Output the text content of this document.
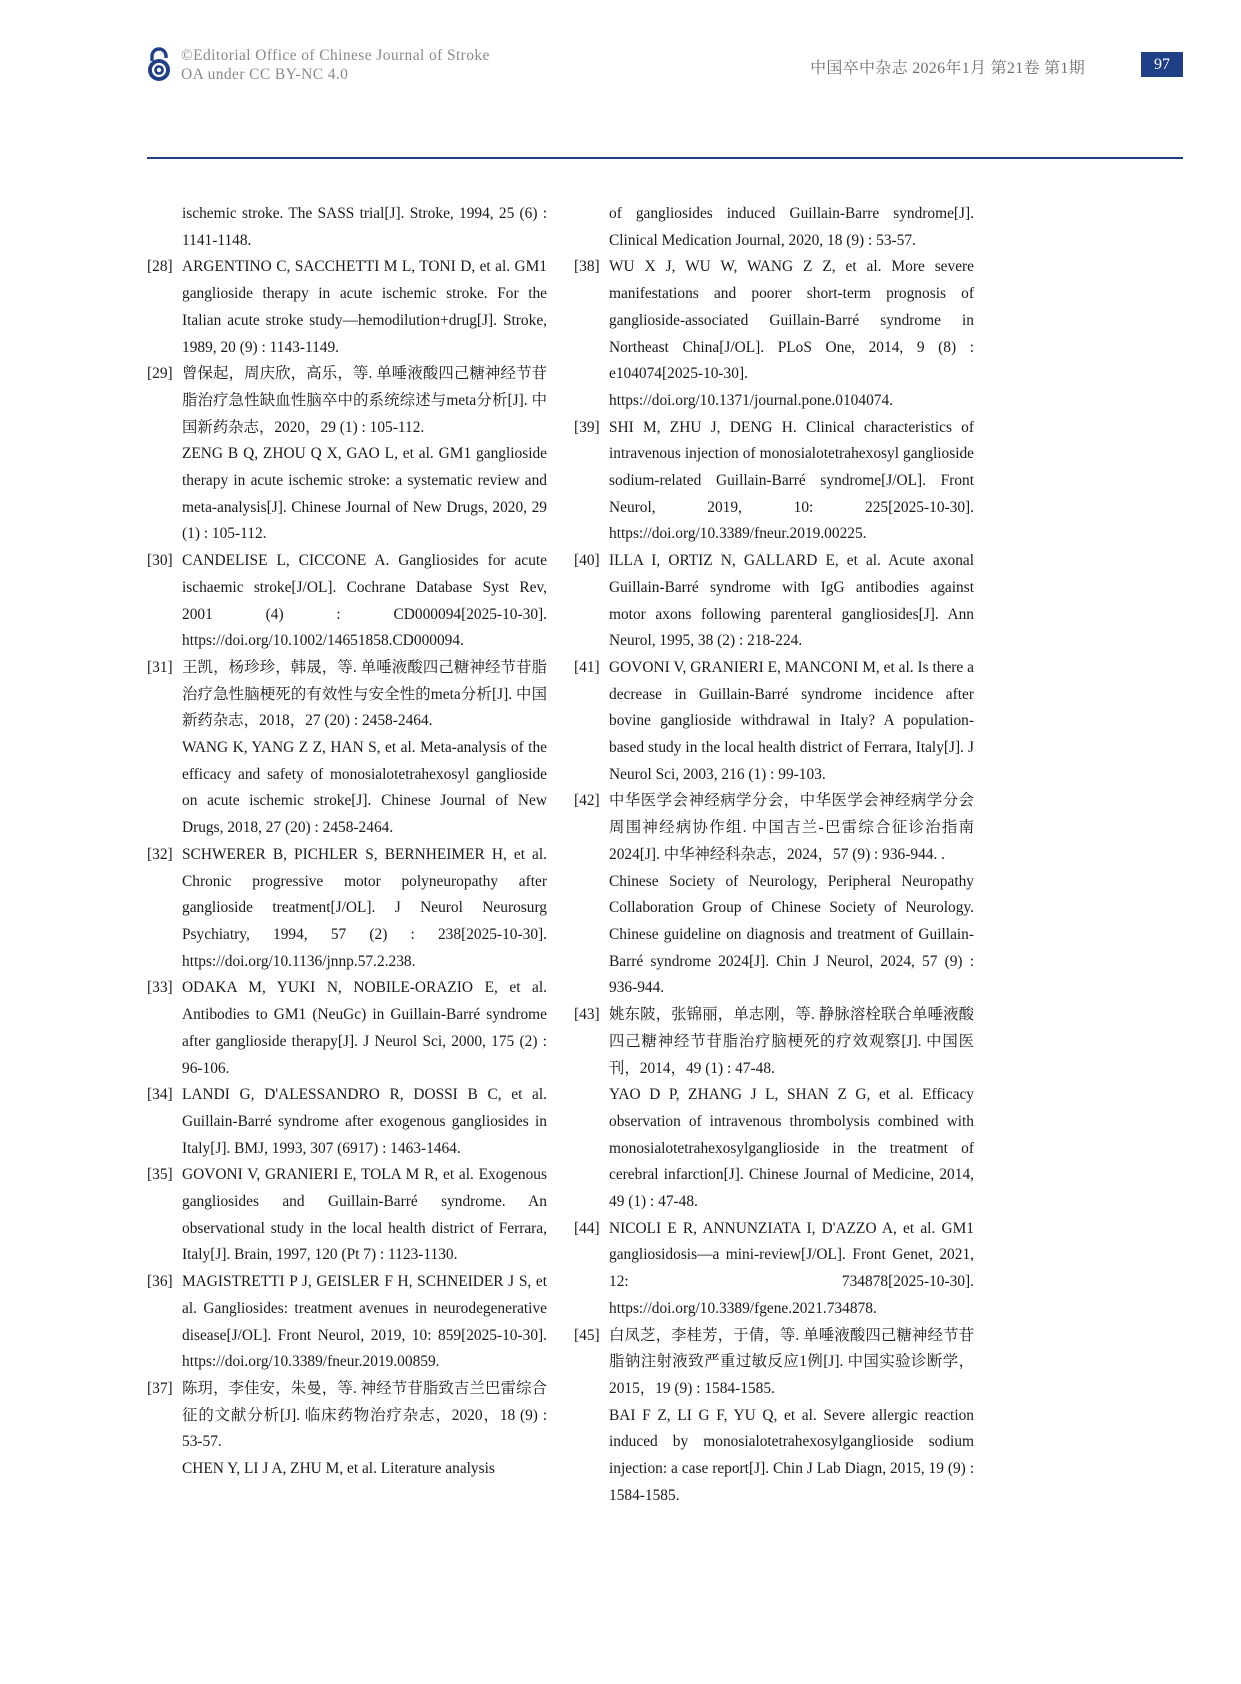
©Editorial Office of Chinese Journal of Stroke
OA under CC BY-NC 4.0	中国卒中杂志 2026年1月 第21卷 第1期	97
ischemic stroke. The SASS trial[J]. Stroke, 1994, 25 (6) : 1141-1148.
[28] ARGENTINO C, SACCHETTI M L, TONI D, et al. GM1 ganglioside therapy in acute ischemic stroke. For the Italian acute stroke study—hemodilution+drug[J]. Stroke, 1989, 20 (9) : 1143-1149.
[29] 曾保起，周庆欣，高乐，等. 单唾液酸四己糖神经节苷脂治疗急性缺血性脑卒中的系统综述与meta分析[J]. 中国新药杂志，2020，29 (1) : 105-112.
ZENG B Q, ZHOU Q X, GAO L, et al. GM1 ganglioside therapy in acute ischemic stroke: a systematic review and meta-analysis[J]. Chinese Journal of New Drugs, 2020, 29 (1) : 105-112.
[30] CANDELISE L, CICCONE A. Gangliosides for acute ischaemic stroke[J/OL]. Cochrane Database Syst Rev, 2001 (4) : CD000094[2025-10-30]. https://doi.org/10.1002/14651858.CD000094.
[31] 王凯，杨珍珍，韩晟，等. 单唾液酸四己糖神经节苷脂治疗急性脑梗死的有效性与安全性的meta分析[J]. 中国新药杂志，2018，27 (20) : 2458-2464.
WANG K, YANG Z Z, HAN S, et al. Meta-analysis of the efficacy and safety of monosialotetrahexosyl ganglioside on acute ischemic stroke[J]. Chinese Journal of New Drugs, 2018, 27 (20) : 2458-2464.
[32] SCHWERER B, PICHLER S, BERNHEIMER H, et al. Chronic progressive motor polyneuropathy after ganglioside treatment[J/OL]. J Neurol Neurosurg Psychiatry, 1994, 57 (2) : 238[2025-10-30]. https://doi.org/10.1136/jnnp.57.2.238.
[33] ODAKA M, YUKI N, NOBILE-ORAZIO E, et al. Antibodies to GM1 (NeuGc) in Guillain-Barré syndrome after ganglioside therapy[J]. J Neurol Sci, 2000, 175 (2) : 96-106.
[34] LANDI G, D'ALESSANDRO R, DOSSI B C, et al. Guillain-Barré syndrome after exogenous gangliosides in Italy[J]. BMJ, 1993, 307 (6917) : 1463-1464.
[35] GOVONI V, GRANIERI E, TOLA M R, et al. Exogenous gangliosides and Guillain-Barré syndrome. An observational study in the local health district of Ferrara, Italy[J]. Brain, 1997, 120 (Pt 7) : 1123-1130.
[36] MAGISTRETTI P J, GEISLER F H, SCHNEIDER J S, et al. Gangliosides: treatment avenues in neurodegenerative disease[J/OL]. Front Neurol, 2019, 10: 859[2025-10-30]. https://doi.org/10.3389/fneur.2019.00859.
[37] 陈玥，李佳安，朱曼，等. 神经节苷脂致吉兰巴雷综合征的文献分析[J]. 临床药物治疗杂志，2020，18 (9) : 53-57.
CHEN Y, LI J A, ZHU M, et al. Literature analysis
of gangliosides induced Guillain-Barre syndrome[J]. Clinical Medication Journal, 2020, 18 (9) : 53-57.
[38] WU X J, WU W, WANG Z Z, et al. More severe manifestations and poorer short-term prognosis of ganglioside-associated Guillain-Barré syndrome in Northeast China[J/OL]. PLoS One, 2014, 9 (8) : e104074[2025-10-30]. https://doi.org/10.1371/journal.pone.0104074.
[39] SHI M, ZHU J, DENG H. Clinical characteristics of intravenous injection of monosialotetrahexosyl ganglioside sodium-related Guillain-Barré syndrome[J/OL]. Front Neurol, 2019, 10: 225[2025-10-30]. https://doi.org/10.3389/fneur.2019.00225.
[40] ILLA I, ORTIZ N, GALLARD E, et al. Acute axonal Guillain-Barré syndrome with IgG antibodies against motor axons following parenteral gangliosides[J]. Ann Neurol, 1995, 38 (2) : 218-224.
[41] GOVONI V, GRANIERI E, MANCONI M, et al. Is there a decrease in Guillain-Barré syndrome incidence after bovine ganglioside withdrawal in Italy? A population-based study in the local health district of Ferrara, Italy[J]. J Neurol Sci, 2003, 216 (1) : 99-103.
[42] 中华医学会神经病学分会，中华医学会神经病学分会周围神经病协作组. 中国吉兰-巴雷综合征诊治指南2024[J]. 中华神经科杂志，2024，57 (9) : 936-944. .
Chinese Society of Neurology, Peripheral Neuropathy Collaboration Group of Chinese Society of Neurology. Chinese guideline on diagnosis and treatment of Guillain-Barré syndrome 2024[J]. Chin J Neurol, 2024, 57 (9) : 936-944.
[43] 姚东陂，张锦丽，单志刚，等. 静脉溶栓联合单唾液酸四己糖神经节苷脂治疗脑梗死的疗效观察[J]. 中国医刊，2014，49 (1) : 47-48.
YAO D P, ZHANG J L, SHAN Z G, et al. Efficacy observation of intravenous thrombolysis combined with monosialotetrahexosylganglioside in the treatment of cerebral infarction[J]. Chinese Journal of Medicine, 2014, 49 (1) : 47-48.
[44] NICOLI E R, ANNUNZIATA I, D'AZZO A, et al. GM1 gangliosidosis—a mini-review[J/OL]. Front Genet, 2021, 12: 734878[2025-10-30]. https://doi.org/10.3389/fgene.2021.734878.
[45] 白凤芝，李桂芳，于倩，等. 单唾液酸四己糖神经节苷脂钠注射液致严重过敏反应1例[J]. 中国实验诊断学，2015，19 (9) : 1584-1585.
BAI F Z, LI G F, YU Q, et al. Severe allergic reaction induced by monosialotetrahexosylganglioside sodium injection: a case report[J]. Chin J Lab Diagn, 2015, 19 (9) : 1584-1585.
